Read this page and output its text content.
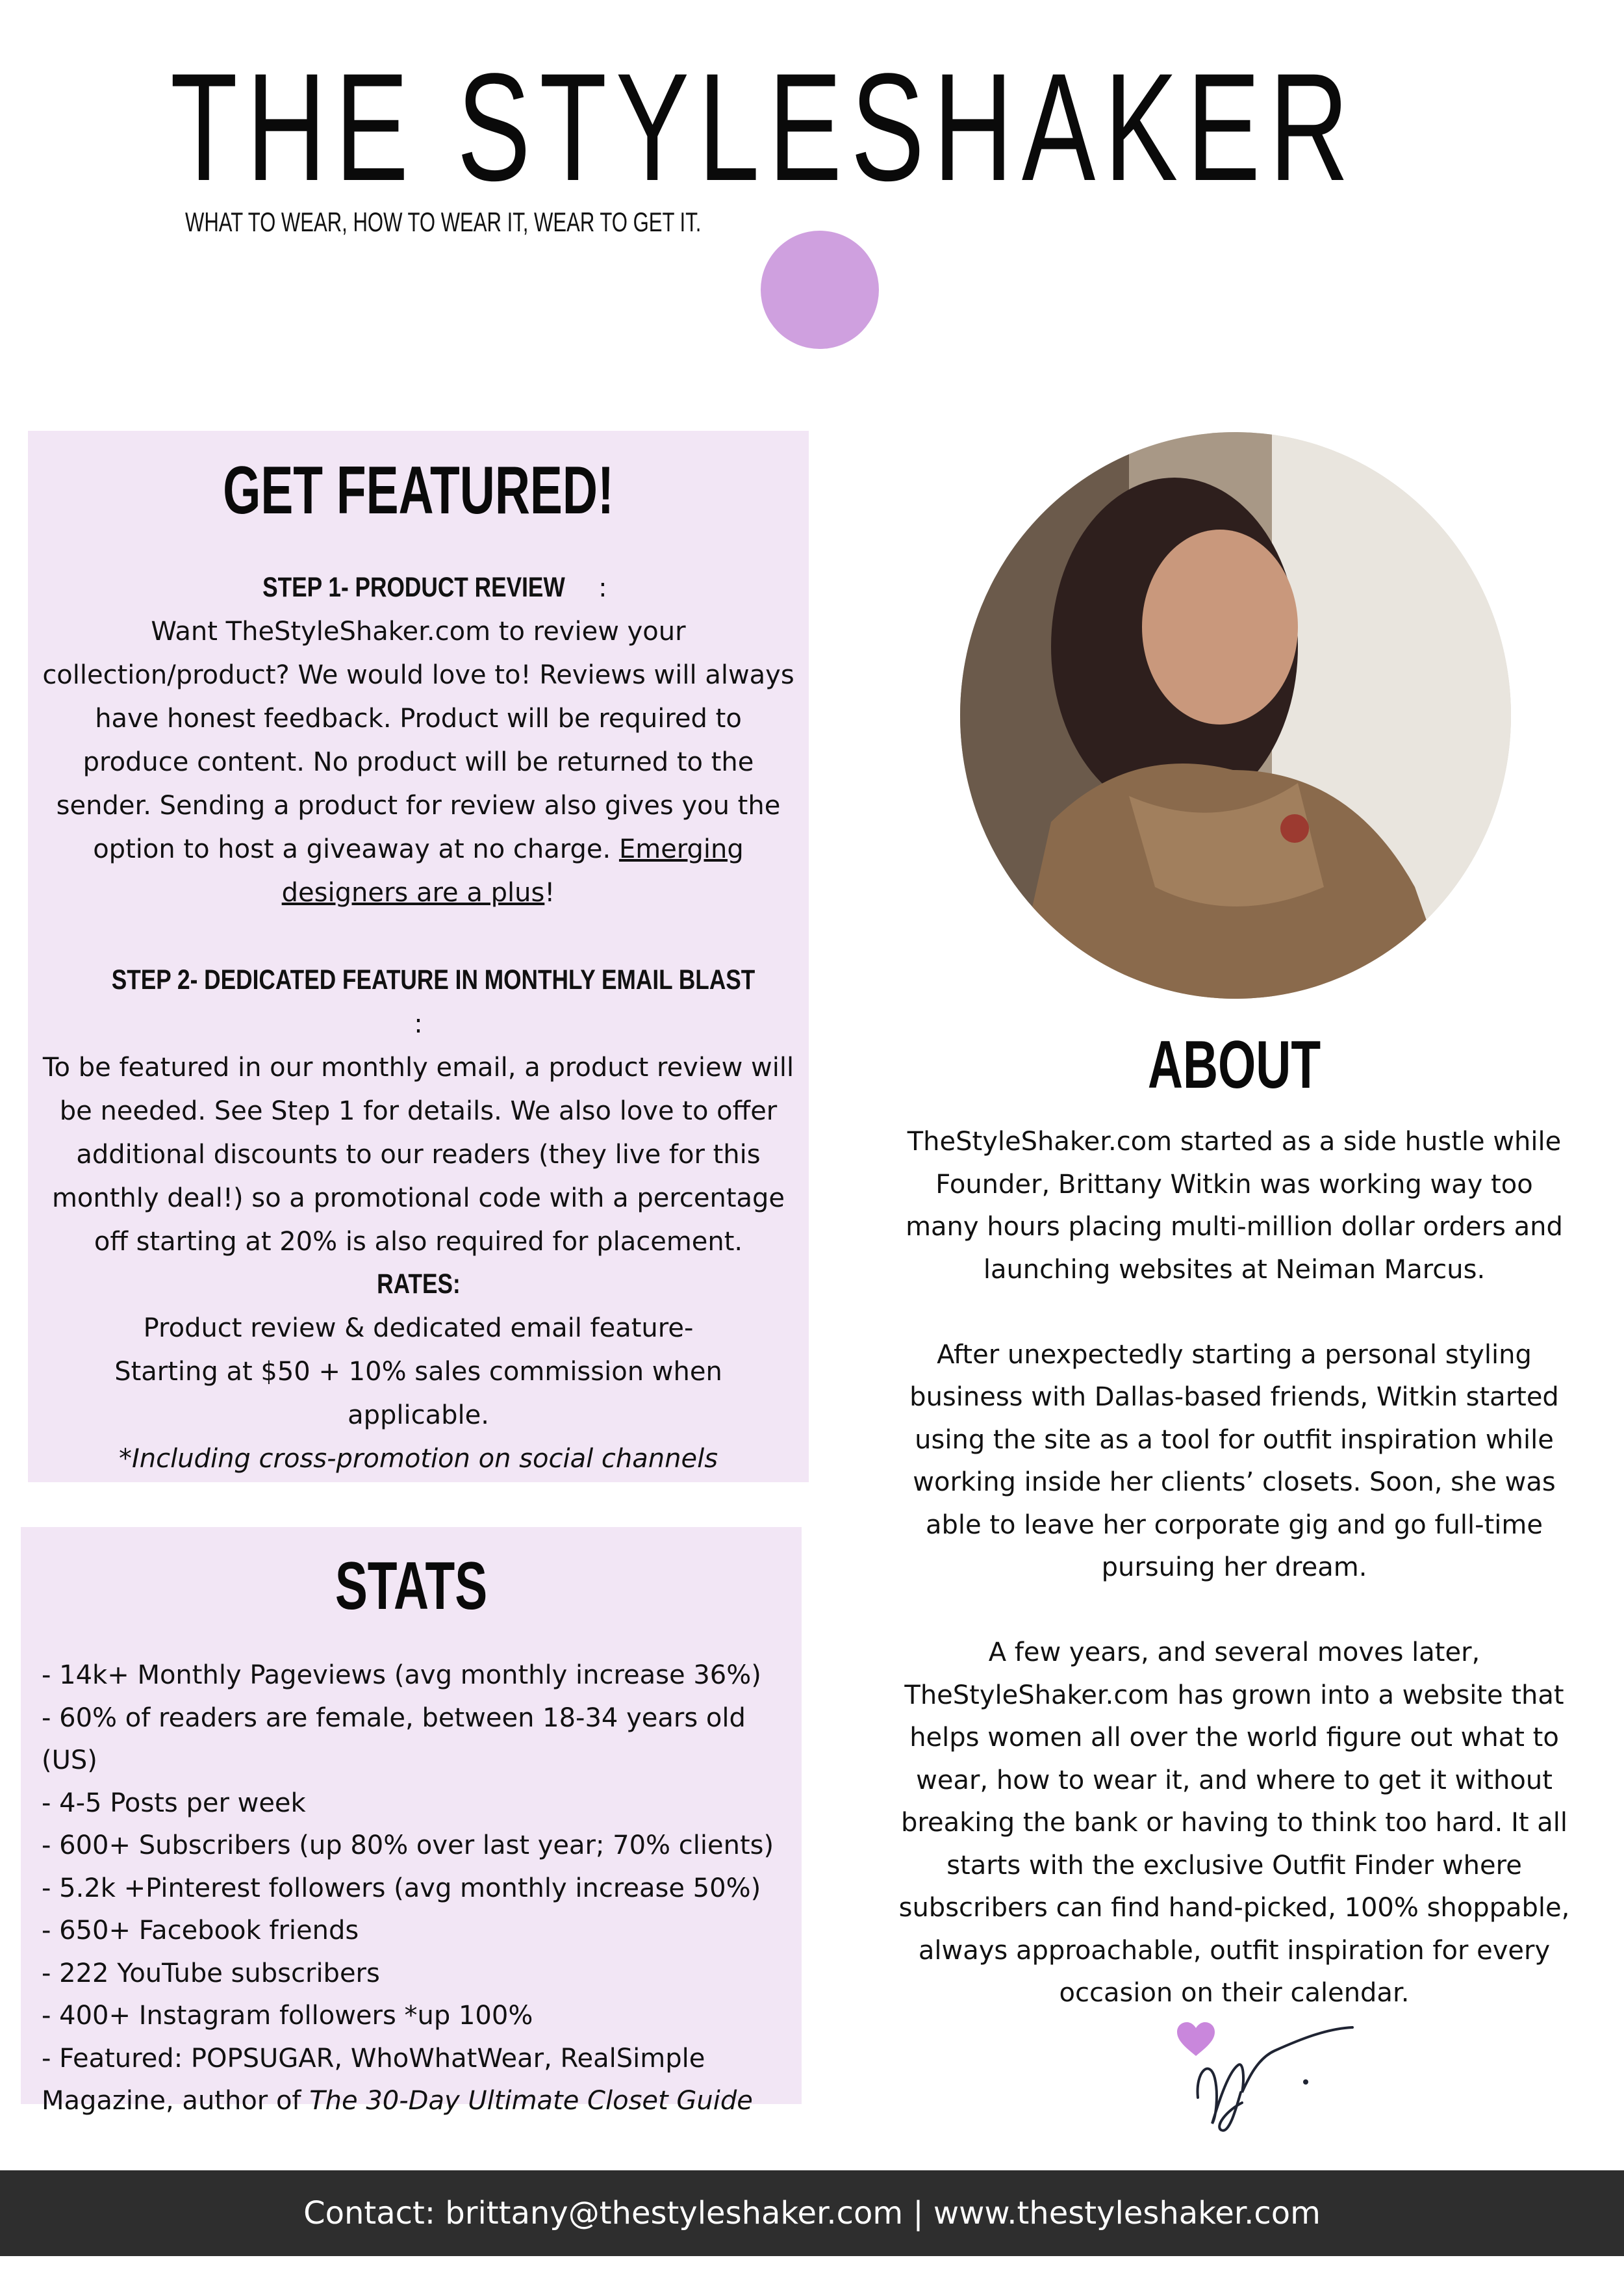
THE STYLESHAKER
WHAT TO WEAR, HOW TO WEAR IT, WEAR TO GET IT.
GET FEATURED!
STEP 1- PRODUCT REVIEW :

Want TheStyleShaker.com to review your collection/product? We would love to! Reviews will always have honest feedback. Product will be required to produce content. No product will be returned to the sender. Sending a product for review also gives you the option to host a giveaway at no charge. Emerging designers are a plus!

STEP 2- DEDICATED FEATURE IN MONTHLY EMAIL BLAST:

To be featured in our monthly email, a product review will be needed. See Step 1 for details. We also love to offer additional discounts to our readers (they live for this monthly deal!) so a promotional code with a percentage off starting at 20% is also required for placement.

RATES:
Product review & dedicated email feature-
Starting at $50 + 10% sales commission when applicable.
*Including cross-promotion on social channels
STATS
- 14k+ Monthly Pageviews (avg monthly increase 36%)
- 60% of readers are female, between 18-34 years old (US)
- 4-5 Posts per week
- 600+ Subscribers (up 80% over last year; 70% clients)
- 5.2k +Pinterest followers (avg monthly increase 50%)
- 650+ Facebook friends
- 222 YouTube subscribers
- 400+ Instagram followers *up 100%
- Featured: POPSUGAR, WhoWhatWear, RealSimple Magazine, author of The 30-Day Ultimate Closet Guide
ABOUT

TheStyleShaker.com started as a side hustle while Founder, Brittany Witkin was working way too many hours placing multi-million dollar orders and launching websites at Neiman Marcus.

After unexpectedly starting a personal styling business with Dallas-based friends, Witkin started using the site as a tool for outfit inspiration while working inside her clients’ closets. Soon, she was able to leave her corporate gig and go full-time pursuing her dream.

A few years, and several moves later, TheStyleShaker.com has grown into a website that helps women all over the world figure out what to wear, how to wear it, and where to get it without breaking the bank or having to think too hard. It all starts with the exclusive Outfit Finder where subscribers can find hand-picked, 100% shoppable, always approachable, outfit inspiration for every occasion on their calendar.

Contact: brittany@thestyleshaker.com | www.thestyleshaker.com
